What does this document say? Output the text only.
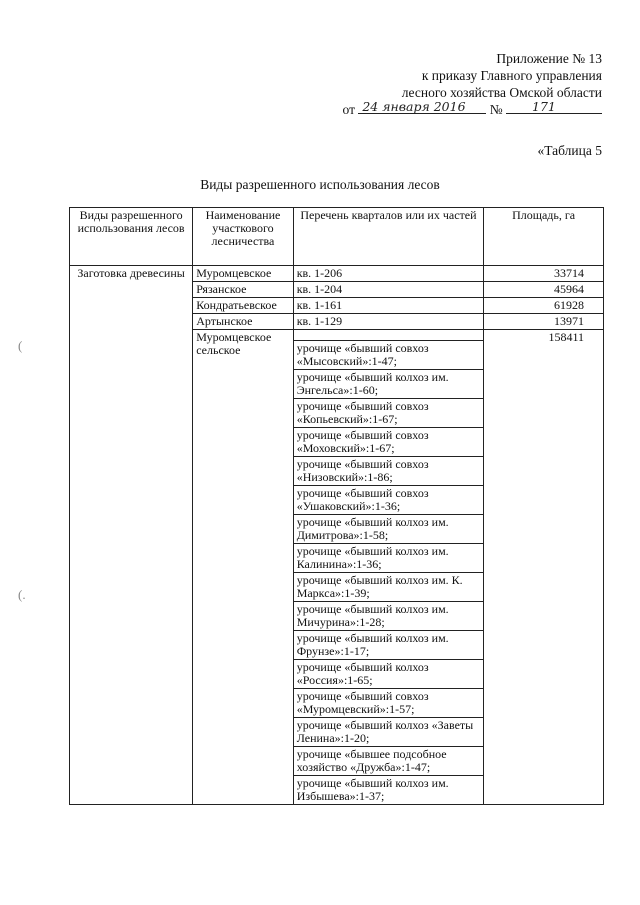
Приложение № 13
к приказу Главного управления
лесного хозяйства Омской области
от 24 января 2016 № 171
«Таблица 5
Виды разрешенного использования лесов
(
(.
Виды разрешенного использования лесов	Наименование участкового лесничества	Перечень кварталов или их частей	Площадь, га
Заготовка древесины	Муромцевское	кв. 1-206	33714
	Рязанское	кв. 1-204	45964
	Кондратьевское	кв. 1-161	61928
	Артынское	кв. 1-129	13971
	Муромцевское сельское		158411
		урочище «бывший совхоз «Мысовский»:1-47;	
		урочище «бывший колхоз им. Энгельса»:1-60;	
		урочище «бывший совхоз «Копьевский»:1-67;	
		урочище «бывший совхоз «Моховский»:1-67;	
		урочище «бывший совхоз «Низовский»:1-86;	
		урочище «бывший совхоз «Ушаковский»:1-36;	
		урочище «бывший колхоз им. Димитрова»:1-58;	
		урочище «бывший колхоз им. Калинина»:1-36;	
		урочище «бывший колхоз им. К. Маркса»:1-39;	
		урочище «бывший колхоз им. Мичурина»:1-28;	
		урочище «бывший колхоз им. Фрунзе»:1-17;	
		урочище «бывший колхоз «Россия»:1-65;	
		урочище «бывший совхоз «Муромцевский»:1-57;	
		урочище «бывший колхоз «Заветы Ленина»:1-20;	
		урочище «бывшее подсобное хозяйство «Дружба»:1-47;	
		урочище «бывший колхоз им. Избышева»:1-37;	
